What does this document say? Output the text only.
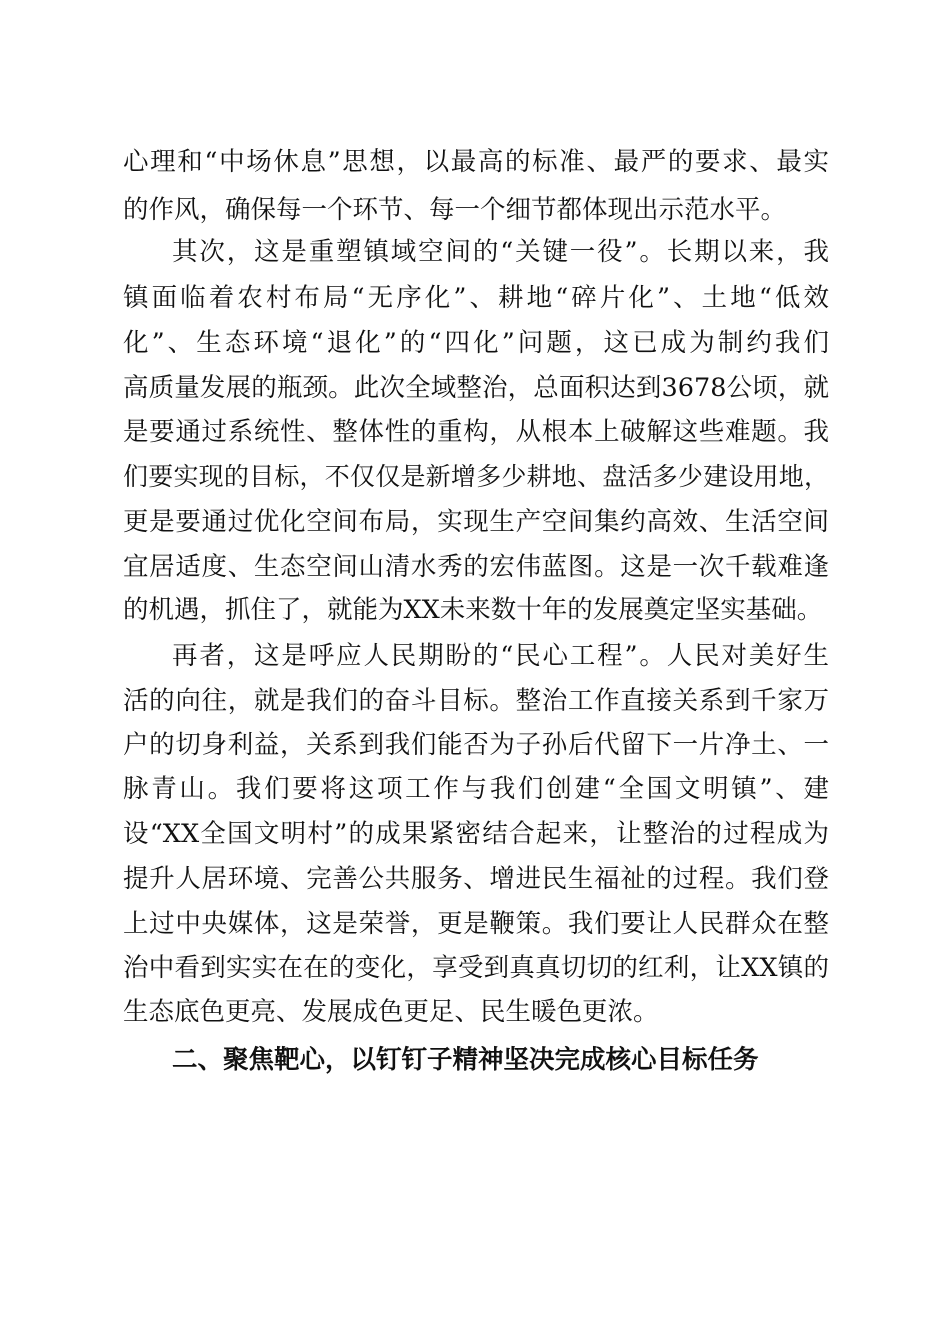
心理和“中场休息”思想，以最高的标准、最严的要求、最实
的作风，确保每一个环节、每一个细节都体现出示范水平。
其次，这是重塑镇域空间的“关键一役”。长期以来，我
镇面临着农村布局“无序化”、耕地“碎片化”、土地“低效
化”、生态环境“退化”的“四化”问题，这已成为制约我们
高质量发展的瓶颈。此次全域整治，总面积达到3678公顷，就
是要通过系统性、整体性的重构，从根本上破解这些难题。我
们要实现的目标，不仅仅是新增多少耕地、盘活多少建设用地，
更是要通过优化空间布局，实现生产空间集约高效、生活空间
宜居适度、生态空间山清水秀的宏伟蓝图。这是一次千载难逢
的机遇，抓住了，就能为XX未来数十年的发展奠定坚实基础。
再者，这是呼应人民期盼的“民心工程”。人民对美好生
活的向往，就是我们的奋斗目标。整治工作直接关系到千家万
户的切身利益，关系到我们能否为子孙后代留下一片净土、一
脉青山。我们要将这项工作与我们创建“全国文明镇”、建
设“XX全国文明村”的成果紧密结合起来，让整治的过程成为
提升人居环境、完善公共服务、增进民生福祉的过程。我们登
上过中央媒体，这是荣誉，更是鞭策。我们要让人民群众在整
治中看到实实在在的变化，享受到真真切切的红利，让XX镇的
生态底色更亮、发展成色更足、民生暖色更浓。
二、聚焦靶心，以钉钉子精神坚决完成核心目标任务
